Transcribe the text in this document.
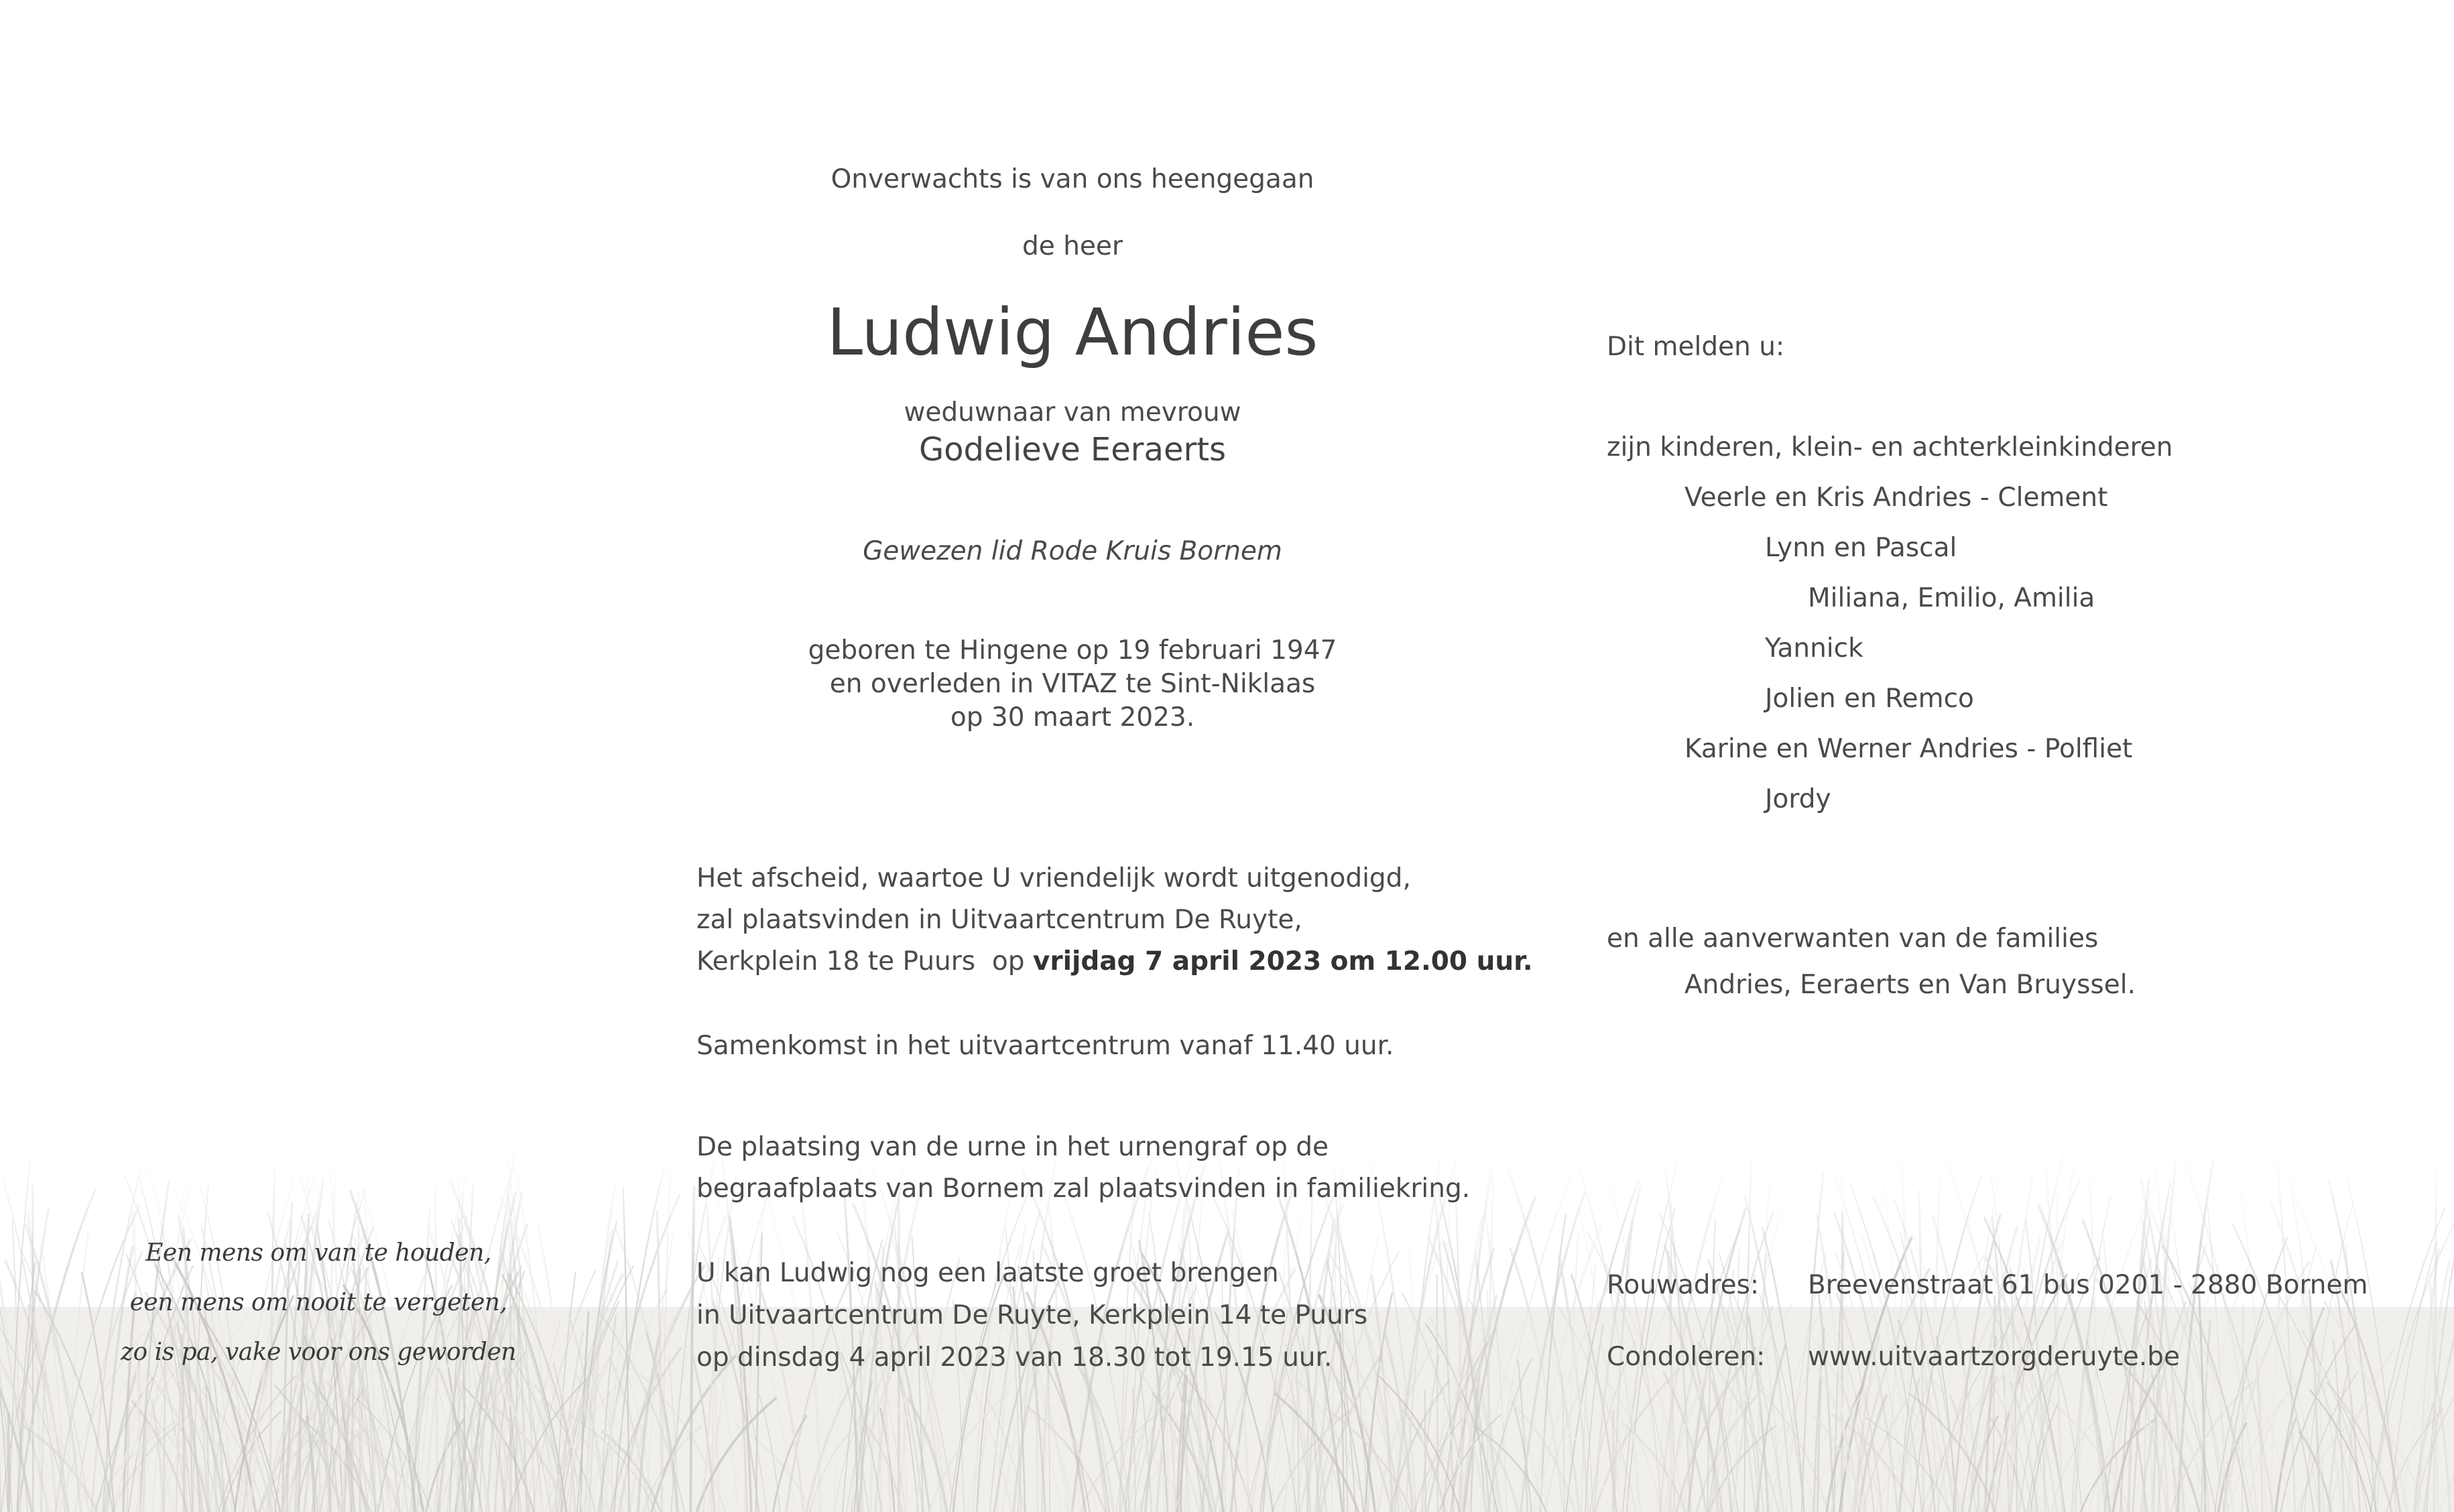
Onverwachts is van ons heengegaan
de heer
Ludwig Andries
weduwnaar van mevrouw
Godelieve Eeraerts
Gewezen lid Rode Kruis Bornem
geboren te Hingene op 19 februari 1947
en overleden in VITAZ te Sint-Niklaas
op 30 maart 2023.
Het afscheid, waartoe U vriendelijk wordt uitgenodigd,
zal plaatsvinden in Uitvaartcentrum De Ruyte,
Kerkplein 18 te Puurs  op vrijdag 7 april 2023 om 12.00 uur.
Samenkomst in het uitvaartcentrum vanaf 11.40 uur.
De plaatsing van de urne in het urnengraf op de
begraafplaats van Bornem zal plaatsvinden in familiekring.
U kan Ludwig nog een laatste groet brengen
in Uitvaartcentrum De Ruyte, Kerkplein 14 te Puurs
op dinsdag 4 april 2023 van 18.30 tot 19.15 uur.
Dit melden u:
zijn kinderen, klein- en achterkleinkinderen
Veerle en Kris Andries - Clement
Lynn en Pascal
Miliana, Emilio, Amilia
Yannick
Jolien en Remco
Karine en Werner Andries - Polfliet
Jordy
en alle aanverwanten van de families
Andries, Eeraerts en Van Bruyssel.
Rouwadres: Breevenstraat 61 bus 0201 - 2880 Bornem
Condoleren: www.uitvaartzorgderuyte.be
Een mens om van te houden,
een mens om nooit te vergeten,
zo is pa, vake voor ons geworden
